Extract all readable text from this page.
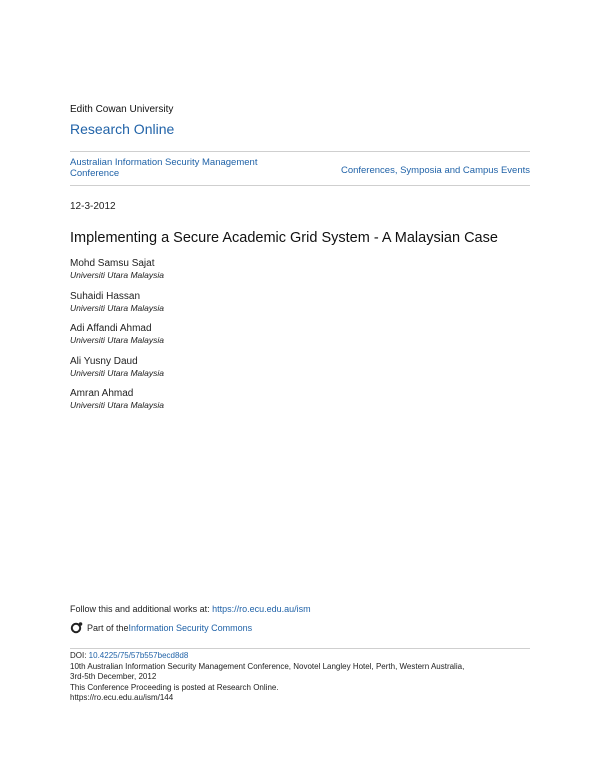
Edith Cowan University
Research Online
Australian Information Security Management Conference	Conferences, Symposia and Campus Events
12-3-2012
Implementing a Secure Academic Grid System - A Malaysian Case
Mohd Samsu Sajat
Universiti Utara Malaysia
Suhaidi Hassan
Universiti Utara Malaysia
Adi Affandi Ahmad
Universiti Utara Malaysia
Ali Yusny Daud
Universiti Utara Malaysia
Amran Ahmad
Universiti Utara Malaysia
Follow this and additional works at: https://ro.ecu.edu.au/ism
Part of the Information Security Commons
DOI: 10.4225/75/57b557becd8d8
10th Australian Information Security Management Conference, Novotel Langley Hotel, Perth, Western Australia,
3rd-5th December, 2012
This Conference Proceeding is posted at Research Online.
https://ro.ecu.edu.au/ism/144
